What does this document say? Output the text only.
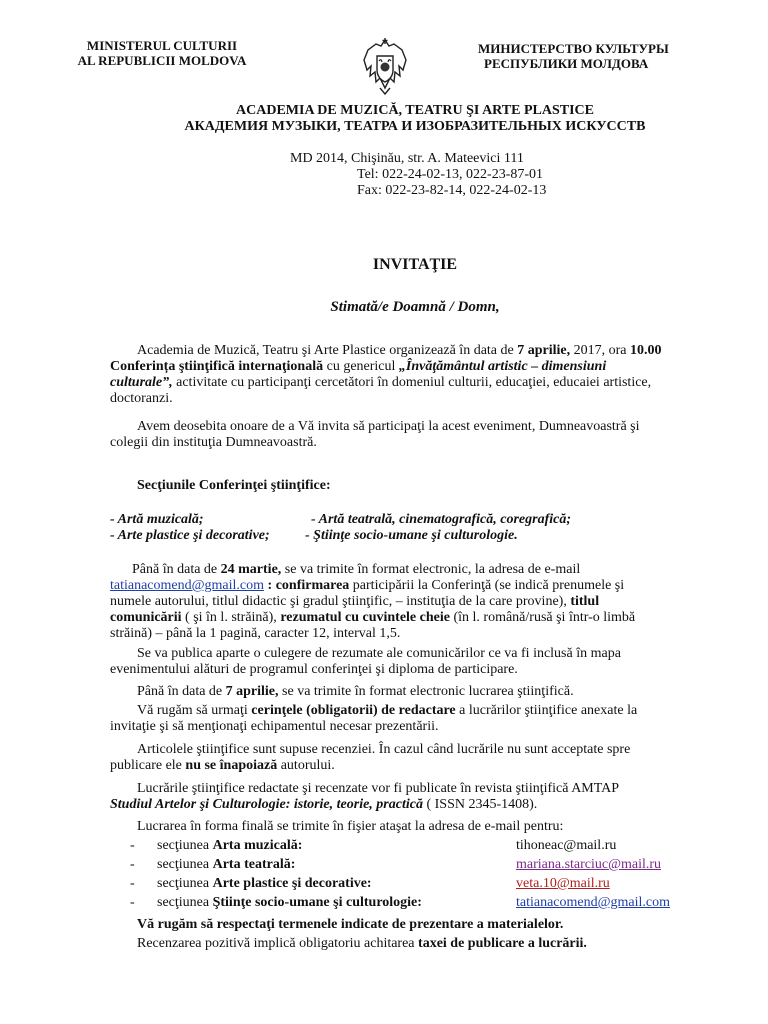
MINISTERUL CULTURII
AL REPUBLICII MOLDOVA
МИНИСТЕРСТВО КУЛЬТУРЫ
РЕСПУБЛИКИ МОЛДОВА
ACADEMIA DE MUZICĂ, TEATRU ŞI ARTE PLASTICE
АКАДЕМИЯ МУЗЫКИ, ТЕАТРА И ИЗОБРАЗИТЕЛЬНЫХ ИСКУССТВ
MD 2014, Chişinău, str. A. Mateevici 111
Tel: 022-24-02-13, 022-23-87-01
Fax: 022-23-82-14, 022-24-02-13
INVITAŢIE
Stimată/e Doamnă / Domn,
Academia de Muzică, Teatru şi Arte Plastice organizează în data de 7 aprilie, 2017, ora 10.00
Conferința ştiinţifică internaţională cu genericul „Învăţământul artistic – dimensiuni
culturale”, activitate cu participanţi cercetători în domeniul culturii, educaţiei, educaiei artistice,
doctoranzi.
Avem deosebita onoare de a Vă invita să participaţi la acest eveniment, Dumneavoastră şi
colegii din instituţia Dumneavoastră.
Secţiunile Conferinţei ştiinţifice:
- Artă muzicală;	- Artă teatrală, cinematografică, coregrafică;
- Arte plastice şi decorative;	- Ştiinţe socio-umane şi culturologie.
Până în data de 24 martie, se va trimite în format electronic, la adresa de e-mail
tatianacomend@gmail.com : confirmarea participării la Conferinţă (se indică prenumele şi
numele autorului, titlul didactic şi gradul ştiinţific, – instituţia de la care provine), titlul
comunicării ( şi în l. străină), rezumatul cu cuvintele cheie (în l. română/rusă şi într-o limbă
străină) – până la 1 pagină, caracter 12, interval 1,5.
Se va publica aparte o culegere de rezumate ale comunicărilor ce va fi inclusă în mapa
evenimentului alături de programul conferinţei şi diploma de participare.
Până în data de 7 aprilie, se va trimite în format electronic lucrarea ştiinţifică.
Vă rugăm să urmaţi cerinţele (obligatorii) de redactare a lucrărilor ştiinţifice anexate la
invitaţie şi să menţionaţi echipamentul necesar prezentării.
Articolele ştiinţifice sunt supuse recenziei. În cazul când lucrările nu sunt acceptate spre
publicare ele nu se înapoiază autorului.
Lucrările ştiinţifice redactate şi recenzate vor fi publicate în revista ştiinţifică AMTAP
Studiul Artelor şi Culturologie: istorie, teorie, practică ( ISSN 2345-1408).
Lucrarea în forma finală se trimite în fişier ataşat la adresa de e-mail pentru:
- secţiunea Arta muzicală:	tihoneac@mail.ru
- secţiunea Arta teatrală:	mariana.starciuc@mail.ru
- secţiunea Arte plastice şi decorative:	veta.10@mail.ru
- secţiunea Ştiinţe socio-umane şi culturologie:	tatianacomend@gmail.com
Vă rugăm să respectaţi termenele indicate de prezentare a materialelor.
Recenzarea pozitivă implică obligatoriu achitarea taxei de publicare a lucrării.
